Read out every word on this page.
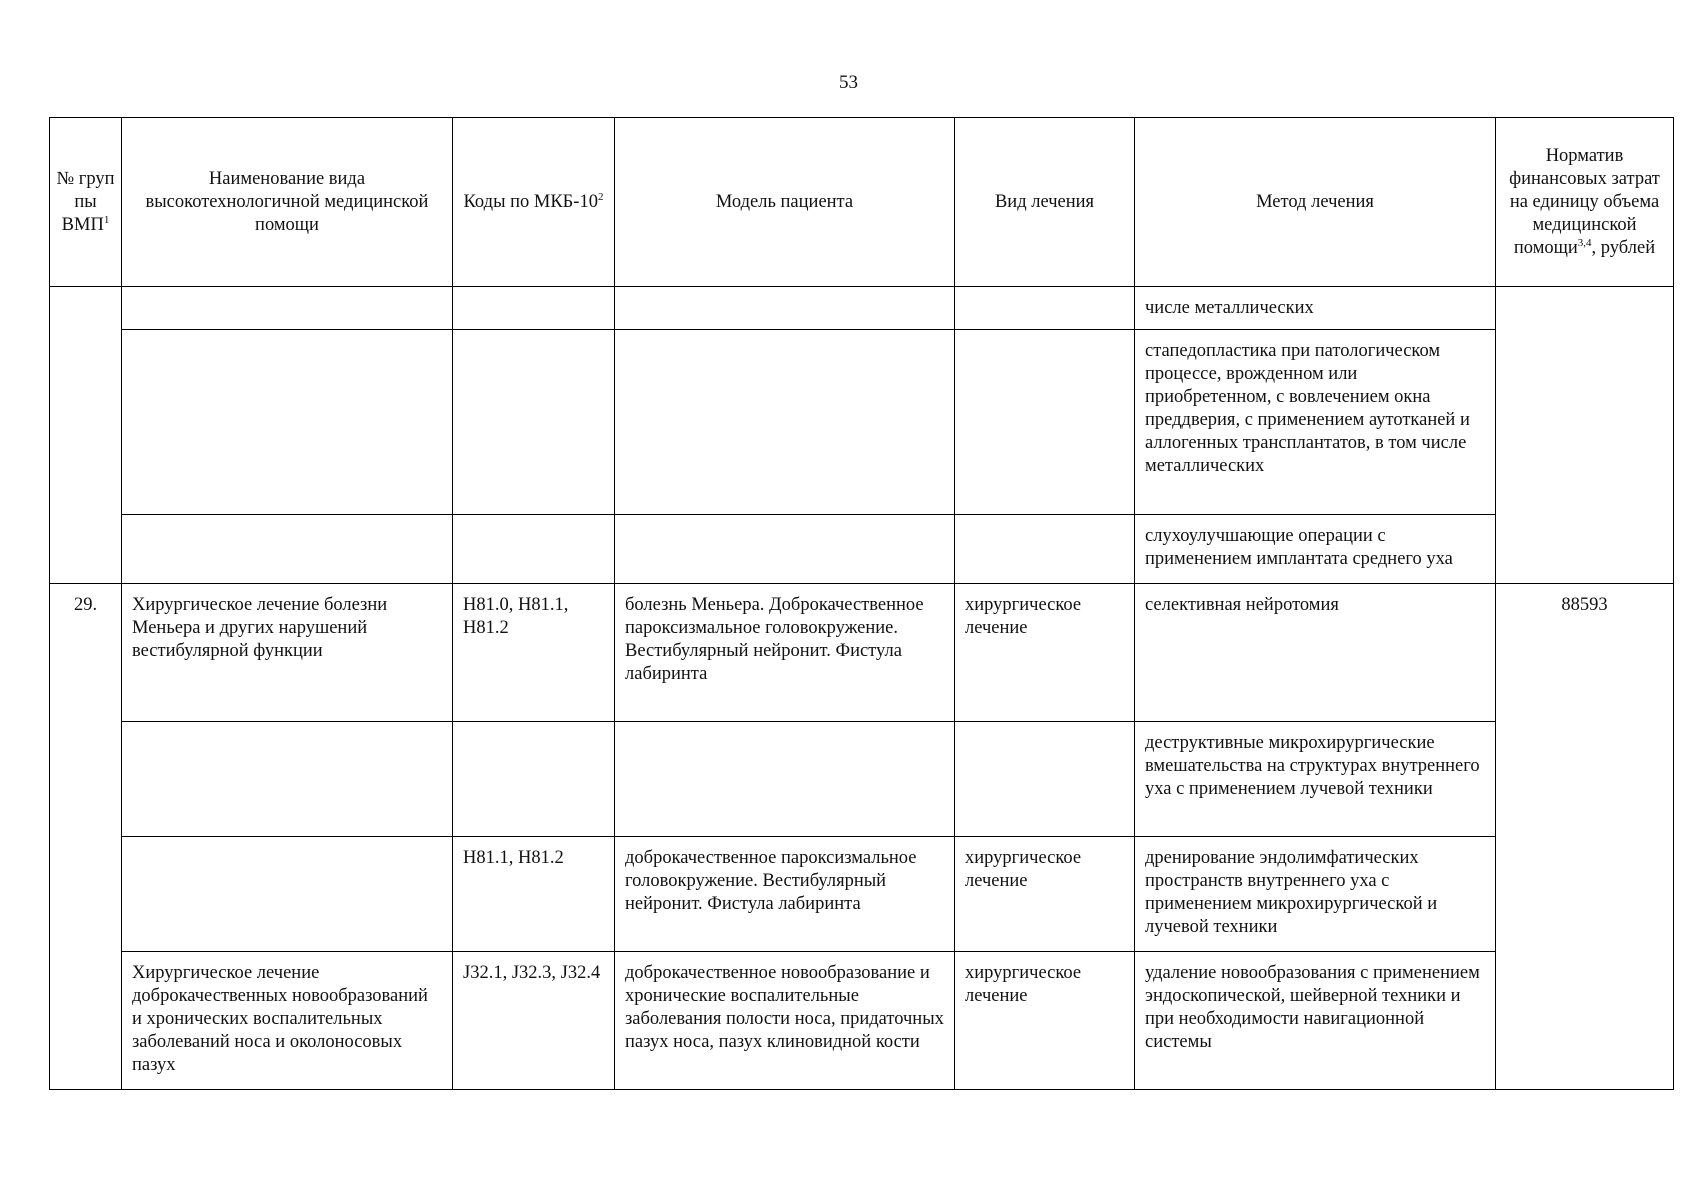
53
№ груп пы ВМП$^1$	Наименование вида высокотехнологичной медицинской помощи	Коды по МКБ-$10^2$	Модель пациента	Вид лечения	Метод лечения	Норматив финансовых затрат на единицу объема медицинской помощи$^{3,4}$, рублей
					числе металлических	
					стапедопластика при патологическом процессе, врожденном или приобретенном, с вовлечением окна преддверия, с применением аутотканей и аллогенных трансплантатов, в том числе металлических	
					слухоулучшающие операции с применением имплантата среднего уха	
29.	Хирургическое лечение болезни Меньера и других нарушений вестибулярной функции	H81.0, H81.1, H81.2	болезнь Меньера. Доброкачественное пароксизмальное головокружение. Вестибулярный нейронит. Фистула лабиринта	хирургическое лечение	селективная нейротомия	88593
					деструктивные микрохирургические вмешательства на структурах внутреннего уха с применением лучевой техники	
		H81.1, H81.2	доброкачественное пароксизмальное головокружение. Вестибулярный нейронит. Фистула лабиринта	хирургическое лечение	дренирование эндолимфатических пространств внутреннего уха с применением микрохирургической и лучевой техники	
	Хирургическое лечение доброкачественных новообразований и хронических воспалительных заболеваний носа и околоносовых пазух	J32.1, J32.3, J32.4	доброкачественное новообразование и хронические воспалительные заболевания полости носа, придаточных пазух носа, пазух клиновидной кости	хирургическое лечение	удаление новообразования с применением эндоскопической, шейверной техники и при необходимости навигационной системы	
